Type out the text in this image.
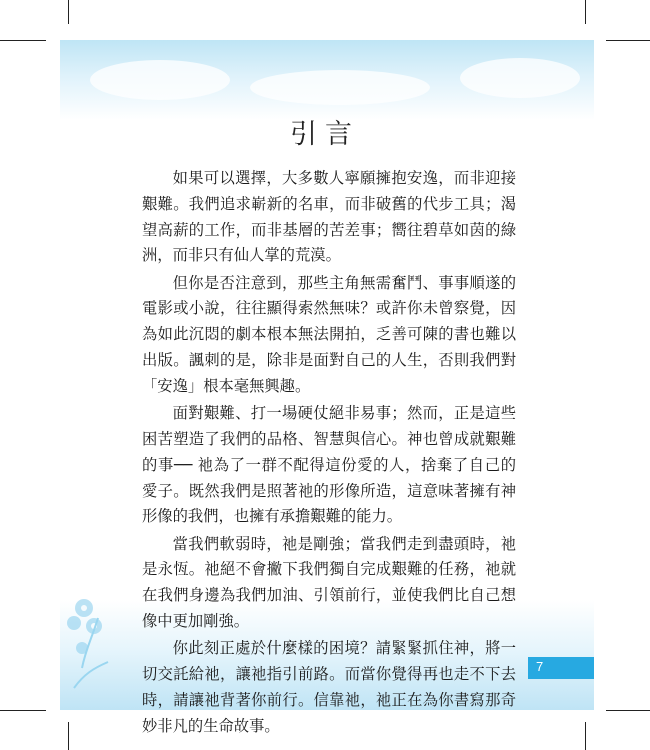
引言

如果可以選擇，大多數人寧願擁抱安逸，而非迎接艱難。我們追求嶄新的名車，而非破舊的代步工具；渴望高薪的工作，而非基層的苦差事；嚮往碧草如茵的綠洲，而非只有仙人掌的荒漠。

但你是否注意到，那些主角無需奮鬥、事事順遂的電影或小說，往往顯得索然無味？或許你未曾察覺，因為如此沉悶的劇本根本無法開拍，乏善可陳的書也難以出版。諷刺的是，除非是面對自己的人生，否則我們對「安逸」根本毫無興趣。

面對艱難、打一場硬仗絕非易事；然而，正是這些困苦塑造了我們的品格、智慧與信心。神也曾成就艱難的事── 祂為了一群不配得這份愛的人，捨棄了自己的愛子。既然我們是照著祂的形像所造，這意味著擁有神形像的我們，也擁有承擔艱難的能力。

當我們軟弱時，祂是剛強；當我們走到盡頭時，祂是永恆。祂絕不會撇下我們獨自完成艱難的任務，祂就在我們身邊為我們加油、引領前行，並使我們比自己想像中更加剛強。

你此刻正處於什麼樣的困境？請緊緊抓住神，將一切交託給祂，讓祂指引前路。而當你覺得再也走不下去時，請讓祂背著你前行。信靠祂，祂正在為你書寫那奇妙非凡的生命故事。

7
